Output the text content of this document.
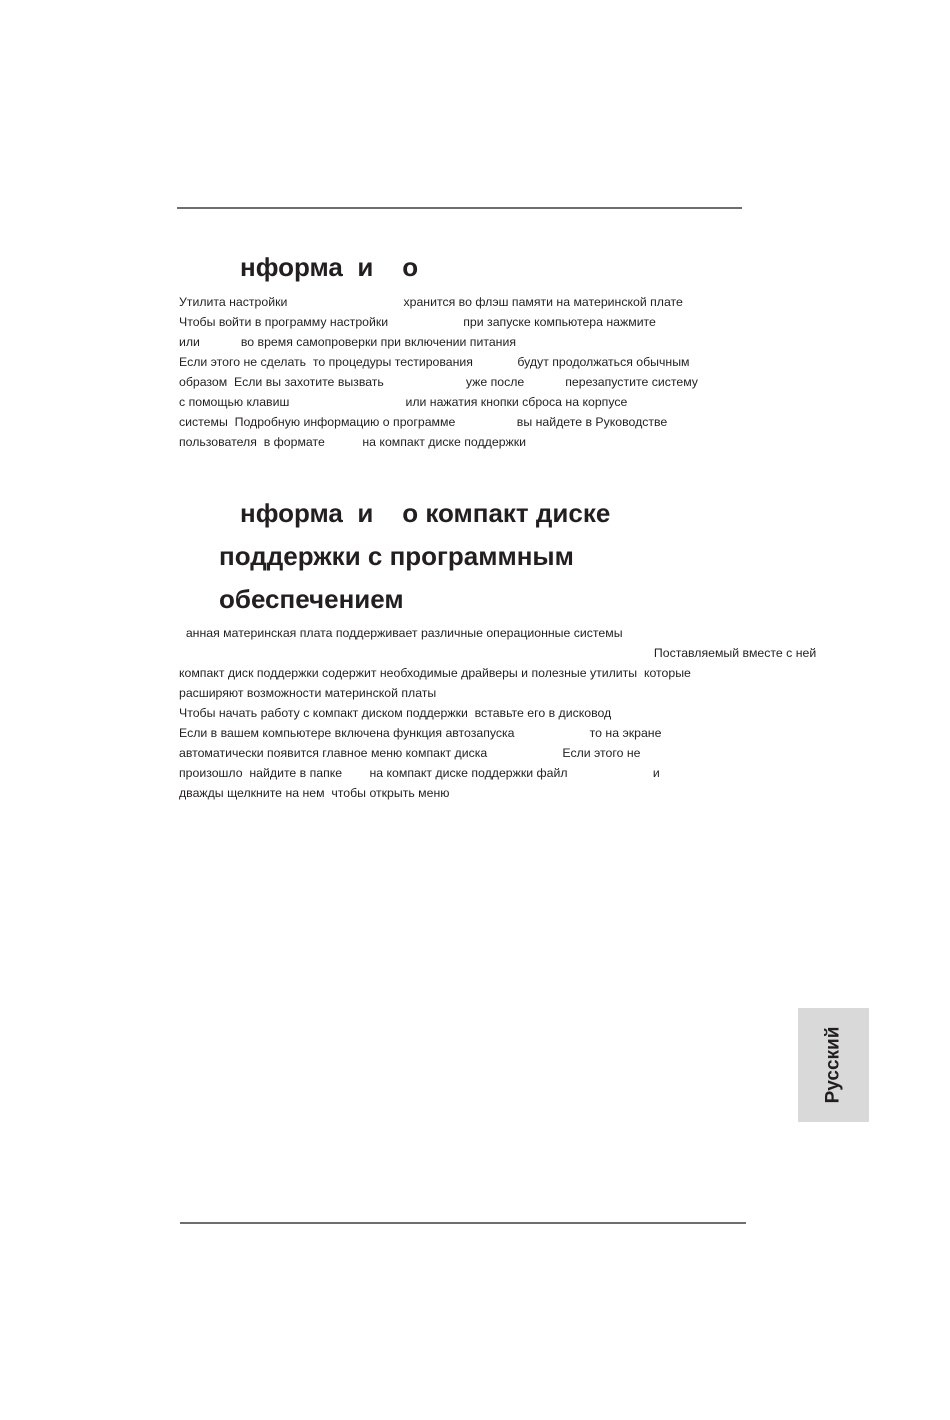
нформа  и    о

Утилита настройки                                  хранится во флэш памяти на материнской плате

Чтобы войти в программу настройки                      при запуске компьютера нажмите

или            во время самопроверки при включении питания

Если этого не сделать  то процедуры тестирования             будут продолжаться обычным

образом  Если вы захотите вызвать                        уже после            перезапустите систему

с помощью клавиш                                  или нажатия кнопки сброса на корпусе

системы  Подробную информацию о программе                  вы найдете в Руководстве

пользователя  в формате           на компакт диске поддержки

нформа  и    о компакт диске
поддержки с программным
обеспечением

анная материнская плата поддерживает различные операционные системы

Поставляемый вместе с ней

компакт диск поддержки содержит необходимые драйверы и полезные утилиты  которые

расширяют возможности материнской платы

Чтобы начать работу с компакт диском поддержки  вставьте его в дисковод

Если в вашем компьютере включена функция автозапуска                      то на экране

автоматически появится главное меню компакт диска                      Если этого не

произошло  найдите в папке        на компакт диске поддержки файл                         и

дважды щелкните на нем  чтобы открыть меню

Русский
